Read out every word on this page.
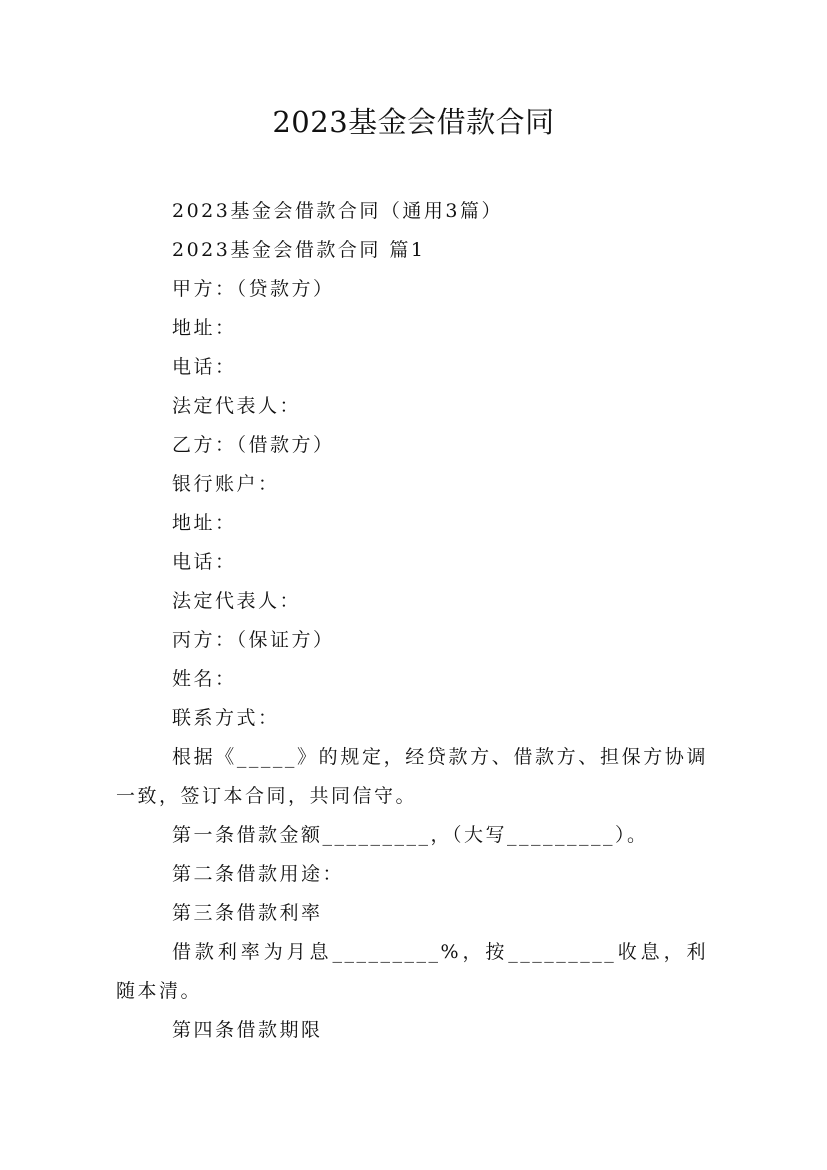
2023基金会借款合同

2023基金会借款合同（通用3篇）

2023基金会借款合同 篇1

甲方：（贷款方）

地址：

电话：

法定代表人：

乙方：（借款方）

银行账户：

地址：

电话：

法定代表人：

丙方：（保证方）

姓名：

联系方式：

根据《_____》的规定，经贷款方、借款方、担保方协调一致，签订本合同，共同信守。

第一条借款金额_________，（大写_________）。

第二条借款用途：

第三条借款利率

借款利率为月息_________%，按_________收息，利随本清。

第四条借款期限
